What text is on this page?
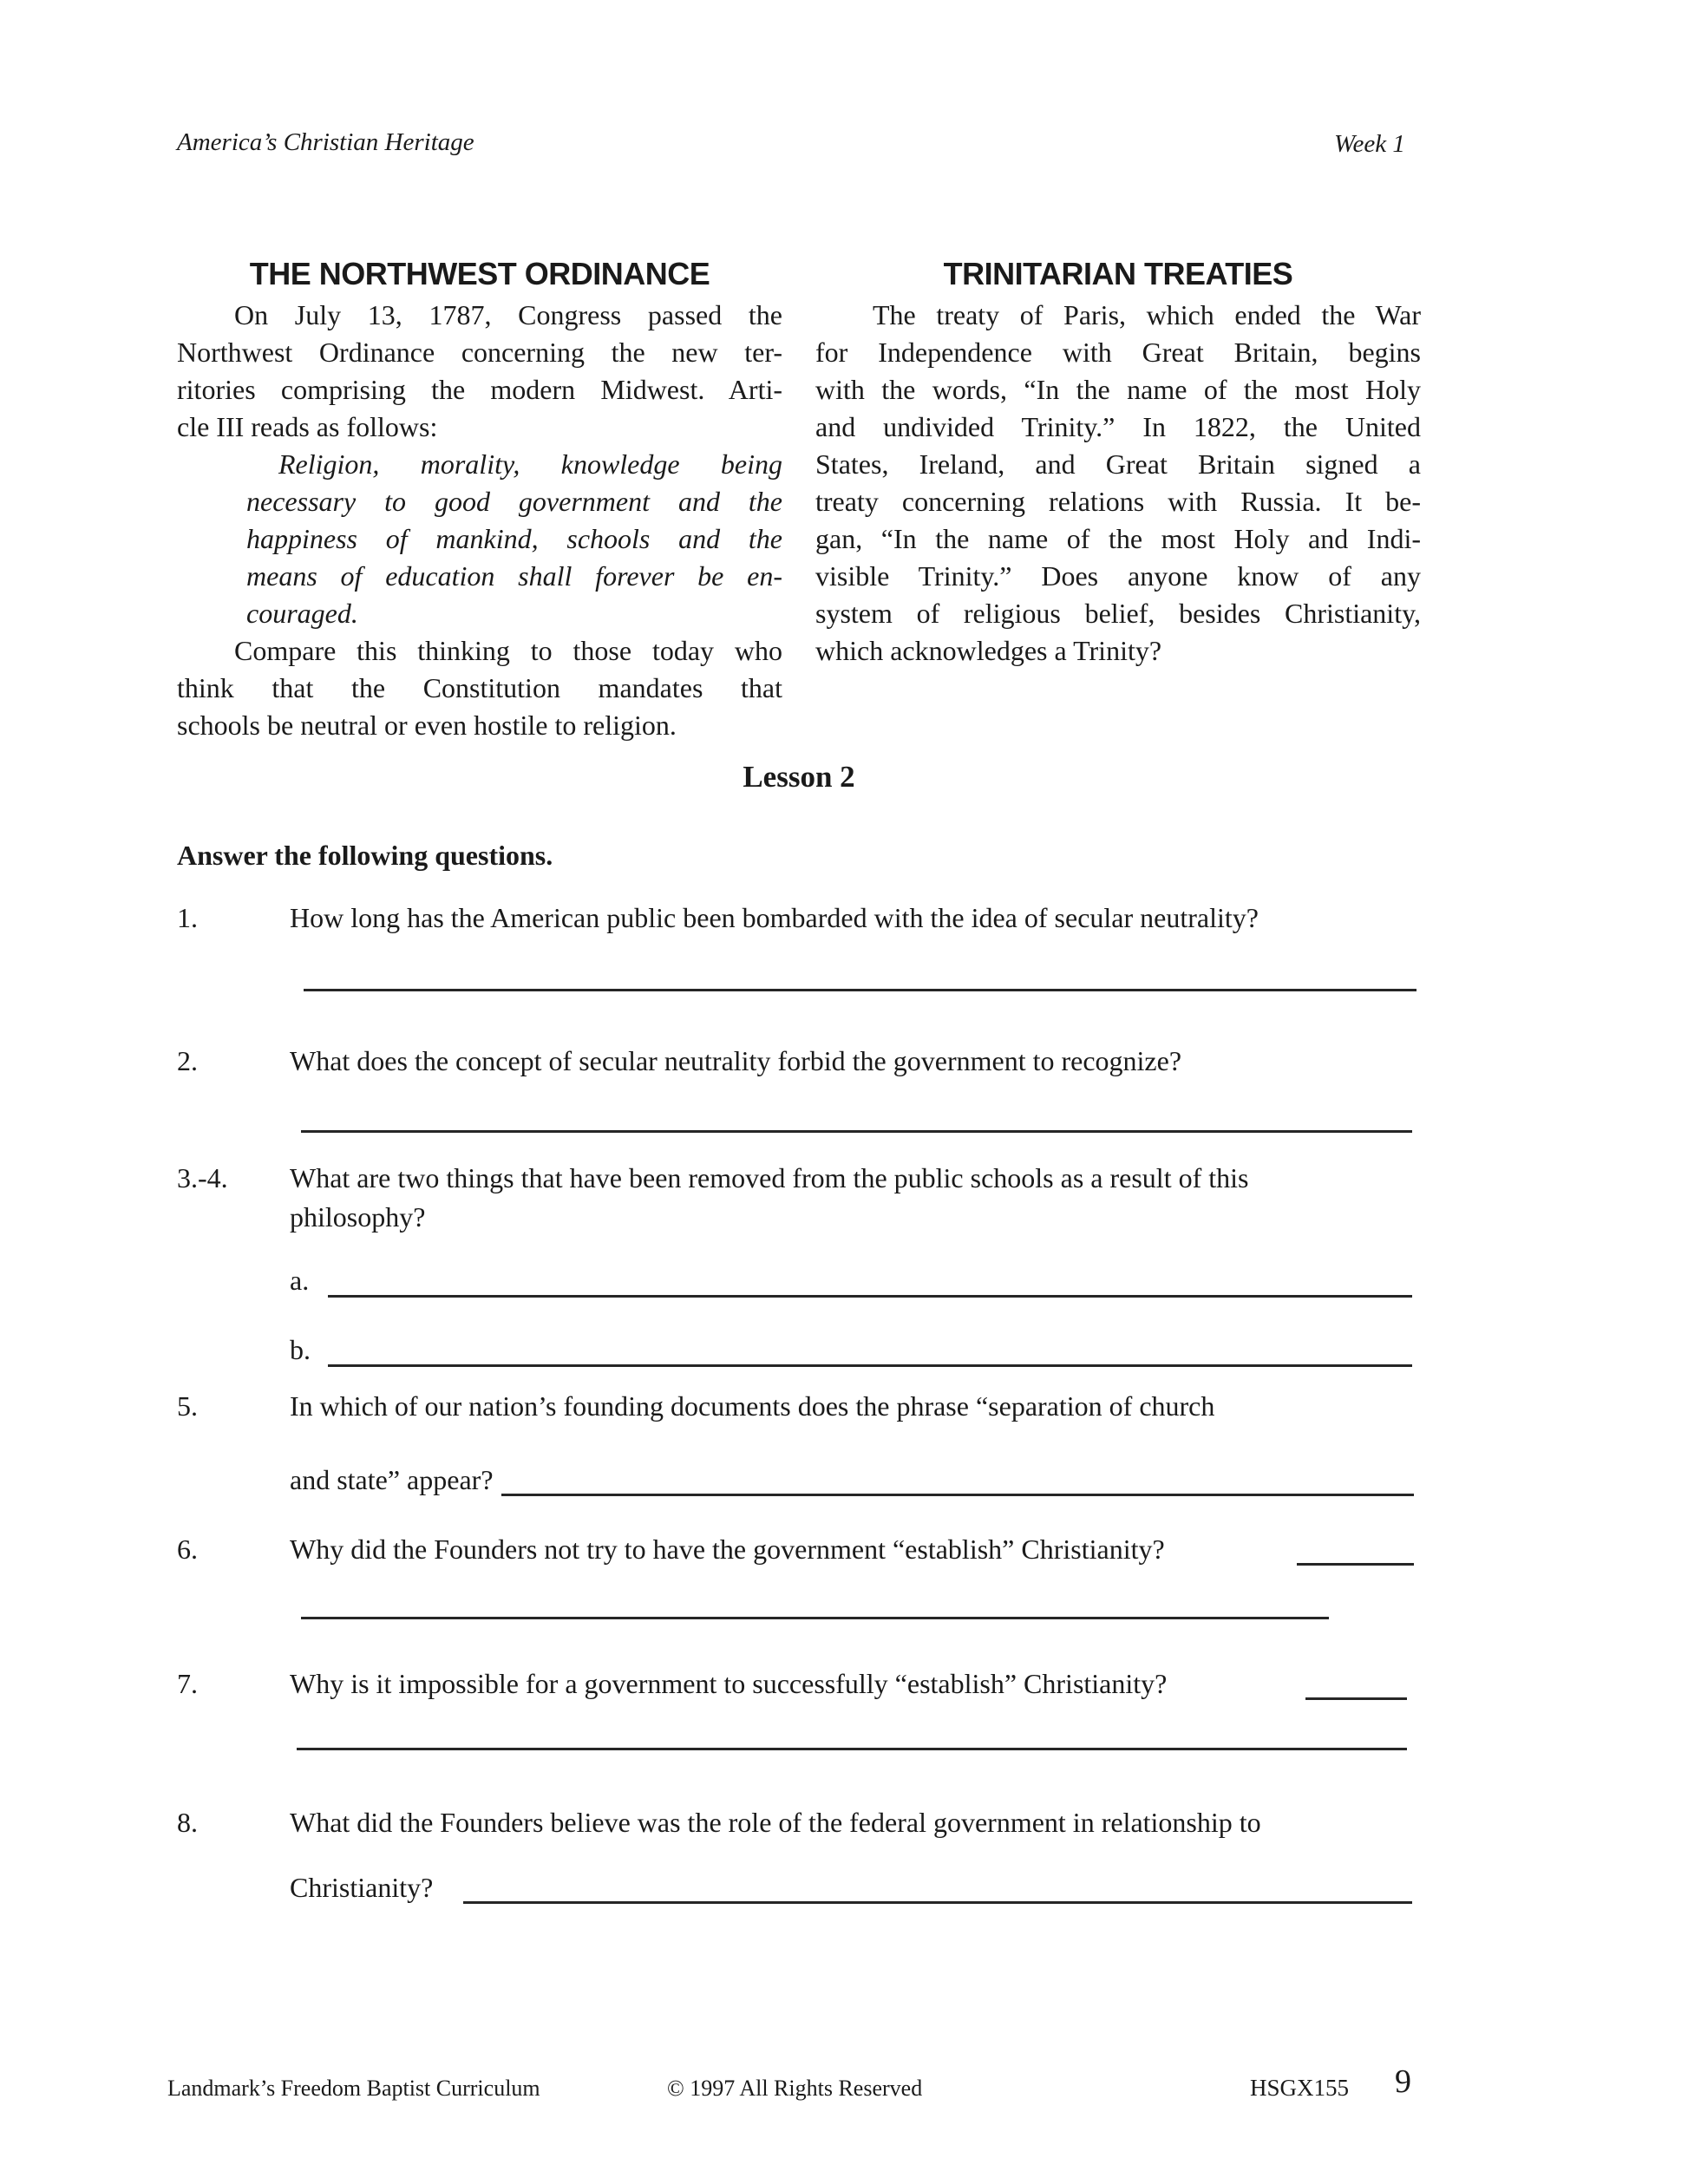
America’s Christian Heritage	Week 1
THE NORTHWEST ORDINANCE
On July 13, 1787, Congress passed the
Northwest Ordinance concerning the new ter-
ritories comprising the modern Midwest. Arti-
cle III reads as follows:
Religion, morality, knowledge being
necessary to good government and the
happiness of mankind, schools and the
means of education shall forever be en-
couraged.
Compare this thinking to those today who
think that the Constitution mandates that
schools be neutral or even hostile to religion.
TRINITARIAN TREATIES
The treaty of Paris, which ended the War
for Independence with Great Britain, begins
with the words, “In the name of the most Holy
and undivided Trinity.” In 1822, the United
States, Ireland, and Great Britain signed a
treaty concerning relations with Russia. It be-
gan, “In the name of the most Holy and Indi-
visible Trinity.” Does anyone know of any
system of religious belief, besides Christianity,
which acknowledges a Trinity?
Lesson 2
Answer the following questions.
1.	How long has the American public been bombarded with the idea of secular neutrality?
2.	What does the concept of secular neutrality forbid the government to recognize?
3.-4. What are two things that have been removed from the public schools as a result of this
philosophy?
a.
b.
5.	In which of our nation’s founding documents does the phrase “separation of church
and state” appear?
6.	Why did the Founders not try to have the government “establish” Christianity?
7.	Why is it impossible for a government to successfully “establish” Christianity?
8.	What did the Founders believe was the role of the federal government in relationship to
Christianity?
Landmark’s Freedom Baptist Curriculum	© 1997 All Rights Reserved	HSGX155 9
